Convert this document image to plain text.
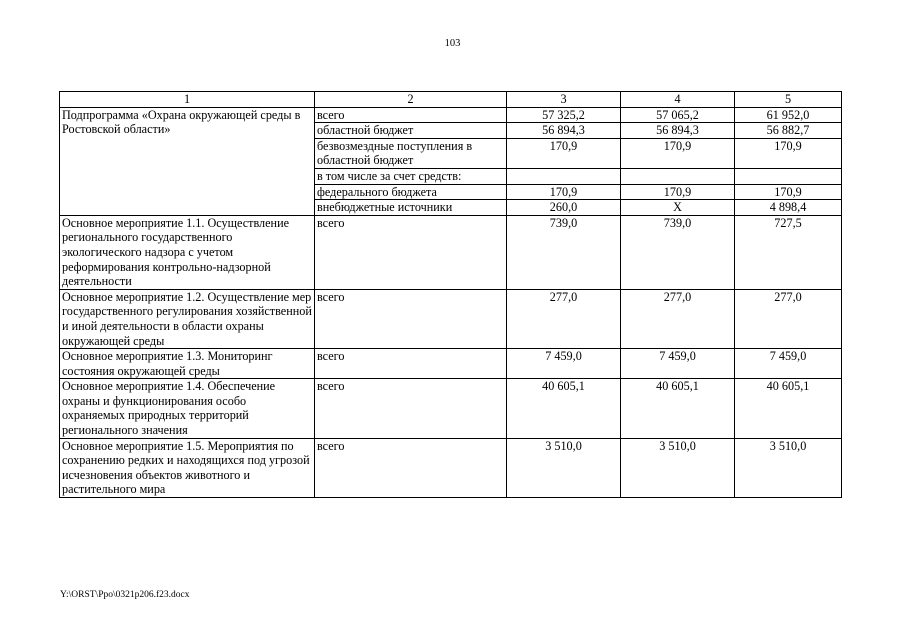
103
1	2	3	4	5
Подпрограмма «Охрана окружающей среды в Ростовской области»	всего	57 325,2	57 065,2	61 952,0
	областной бюджет	56 894,3	56 894,3	56 882,7
	безвозмездные поступления в областной бюджет	170,9	170,9	170,9
	в том числе за счет средств:			
	федерального бюджета	170,9	170,9	170,9
	внебюджетные источники	260,0	Х	4 898,4
Основное мероприятие 1.1. Осуществление регионального государственного экологического надзора с учетом реформирования контрольно-надзорной деятельности	всего	739,0	739,0	727,5
Основное мероприятие 1.2. Осуществление мер государственного регулирования хозяйственной и иной деятельности в области охраны окружающей среды	всего	277,0	277,0	277,0
Основное мероприятие 1.3. Мониторинг состояния окружающей среды	всего	7 459,0	7 459,0	7 459,0
Основное мероприятие 1.4. Обеспечение охраны и функционирования особо охраняемых природных территорий регионального значения	всего	40 605,1	40 605,1	40 605,1
Основное мероприятие 1.5. Мероприятия по сохранению редких и находящихся под угрозой исчезновения объектов животного и растительного мира	всего	3 510,0	3 510,0	3 510,0
Y:\ORST\Ppo\0321p206.f23.docx
